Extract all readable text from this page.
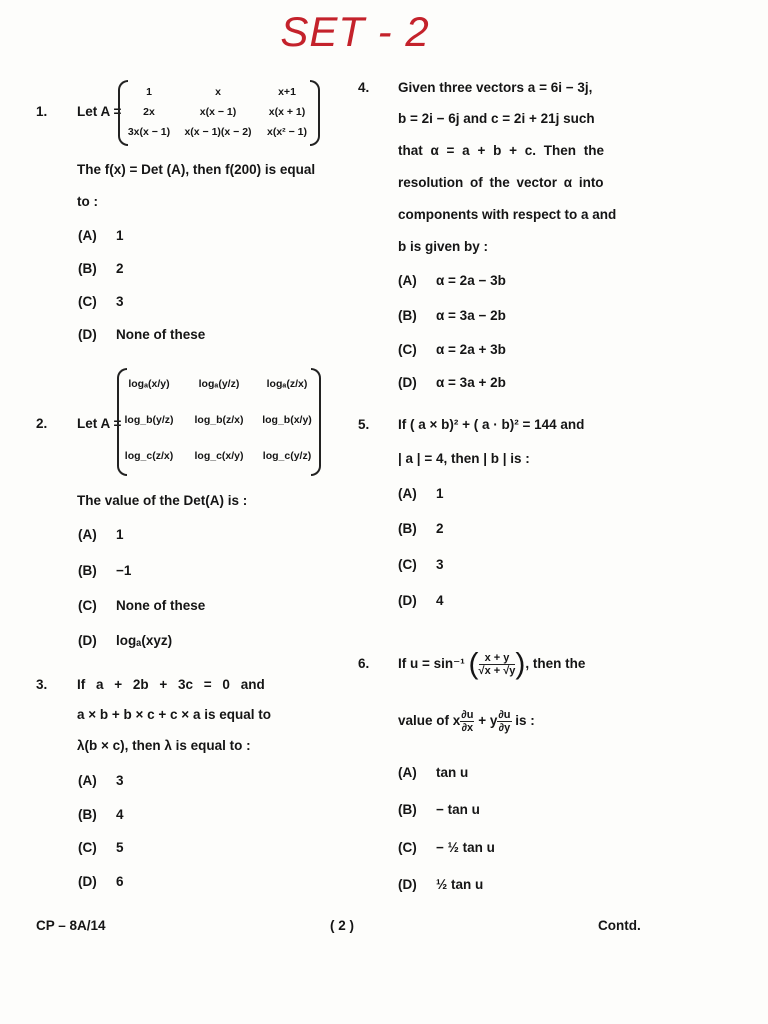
SET - 2
1. Let A =
1	x	x+1
2x	x(x − 1)	x(x + 1)
3x(x − 1)	x(x − 1)(x − 2)	x(x² − 1)
The f(x) = Det (A), then f(200) is equal
to :
(A) 1
(B) 2
(C) 3
(D) None of these
2. Let A =
logₐ(x/y)	logₐ(y/z)	logₐ(z/x)
log_b(y/z)	log_b(z/x)	log_b(x/y)
log_c(z/x)	log_c(x/y)	log_c(y/z)
The value of the Det(A) is :
(A) 1
(B) −1
(C) None of these
(D) logₐ(xyz)
3. If a + 2b + 3c = 0 and
a × b + b × c + c × a is equal to
λ(b × c), then λ is equal to :
(A) 3
(B) 4
(C) 5
(D) 6
4. Given three vectors a = 6i − 3j,
b = 2i − 6j and c = 2i + 21j such
that α = a + b + c. Then the
resolution of the vector α into
components with respect to a and
b is given by :
(A) α = 2a − 3b
(B) α = 3a − 2b
(C) α = 2a + 3b
(D) α = 3a + 2b
5. If ( a × b)² + ( a · b)² = 144 and
| a | = 4, then | b | is :
(A) 1
(B) 2
(C) 3
(D) 4
6. If u = sin⁻¹ ( $\frac{x + y}{√x + √y}$ ), then the
value of x $\frac{\partial u}{\partial x} + y \frac{\partial u}{\partial y}$ is :
(A) tan u
(B) − tan u
(C) − ½ tan u
(D) ½ tan u
CP – 8A/14	( 2 )	Contd.
